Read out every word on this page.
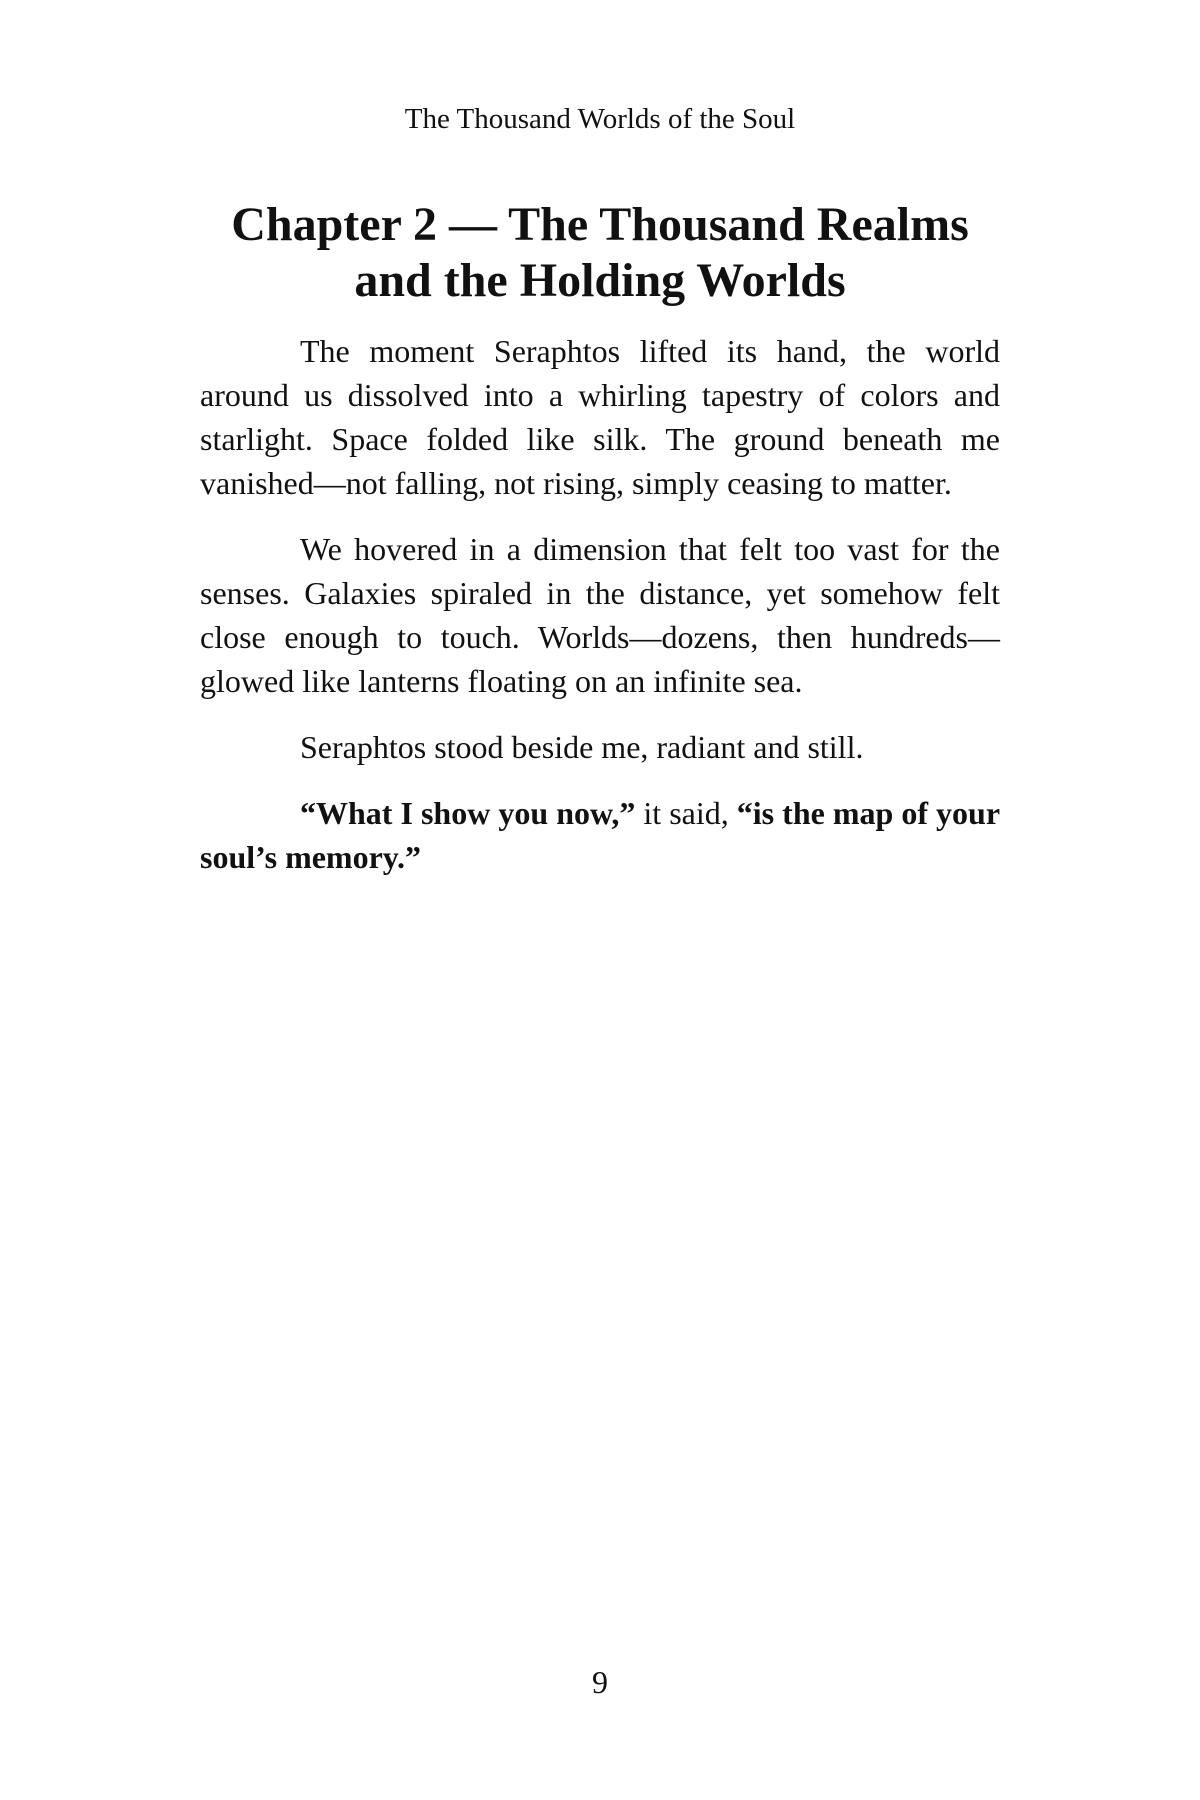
The Thousand Worlds of the Soul
Chapter 2 — The Thousand Realms and the Holding Worlds

The moment Seraphtos lifted its hand, the world around us dissolved into a whirling tapestry of colors and starlight. Space folded like silk. The ground beneath me vanished—not falling, not rising, simply ceasing to matter.

We hovered in a dimension that felt too vast for the senses. Galaxies spiraled in the distance, yet somehow felt close enough to touch. Worlds—dozens, then hundreds—glowed like lanterns floating on an infinite sea.

Seraphtos stood beside me, radiant and still.

“What I show you now,” it said, “is the map of your soul’s memory.”

9
